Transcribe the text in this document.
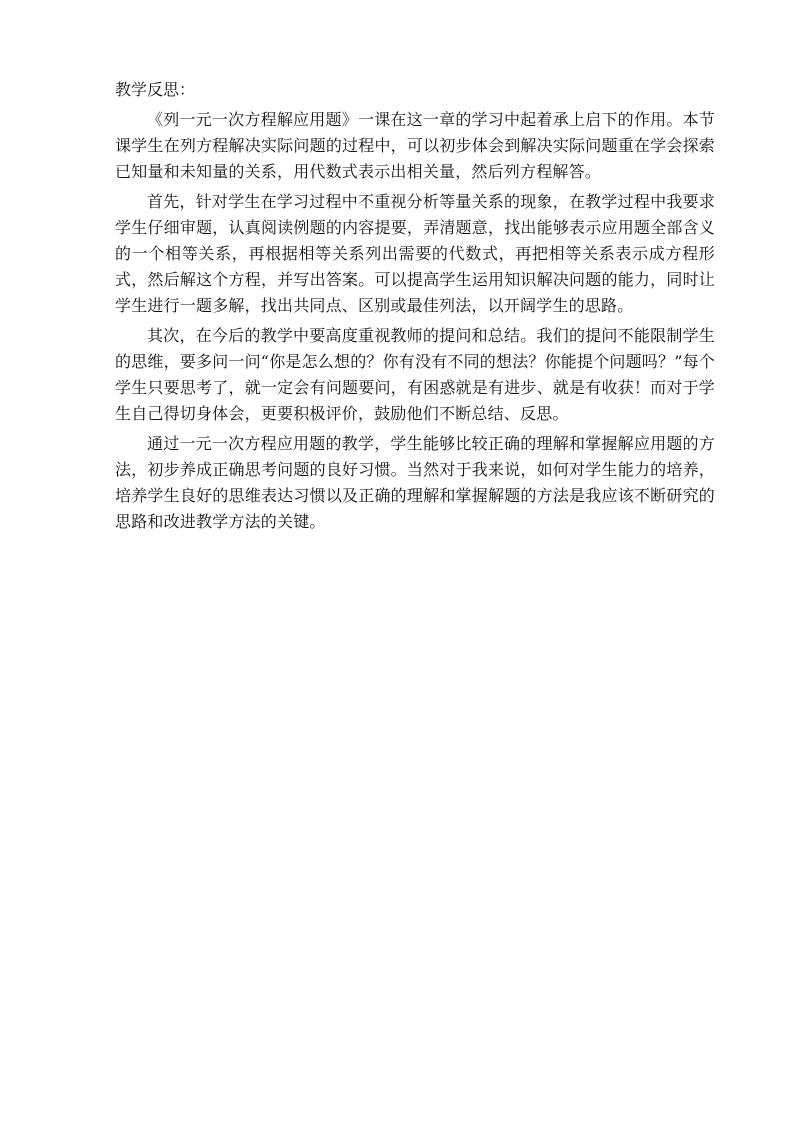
教学反思：

《列一元一次方程解应用题》一课在这一章的学习中起着承上启下的作用。本节课学生在列方程解决实际问题的过程中，可以初步体会到解决实际问题重在学会探索已知量和未知量的关系，用代数式表示出相关量，然后列方程解答。

首先，针对学生在学习过程中不重视分析等量关系的现象，在教学过程中我要求学生仔细审题，认真阅读例题的内容提要，弄清题意，找出能够表示应用题全部含义的一个相等关系，再根据相等关系列出需要的代数式，再把相等关系表示成方程形式，然后解这个方程，并写出答案。可以提高学生运用知识解决问题的能力，同时让学生进行一题多解，找出共同点、区别或最佳列法，以开阔学生的思路。

其次，在今后的教学中要高度重视教师的提问和总结。我们的提问不能限制学生的思维，要多问一问“你是怎么想的？你有没有不同的想法？你能提个问题吗？”每个学生只要思考了，就一定会有问题要问，有困惑就是有进步、就是有收获！而对于学生自己得切身体会，更要积极评价，鼓励他们不断总结、反思。

通过一元一次方程应用题的教学，学生能够比较正确的理解和掌握解应用题的方法，初步养成正确思考问题的良好习惯。当然对于我来说，如何对学生能力的培养，培养学生良好的思维表达习惯以及正确的理解和掌握解题的方法是我应该不断研究的思路和改进教学方法的关键。
